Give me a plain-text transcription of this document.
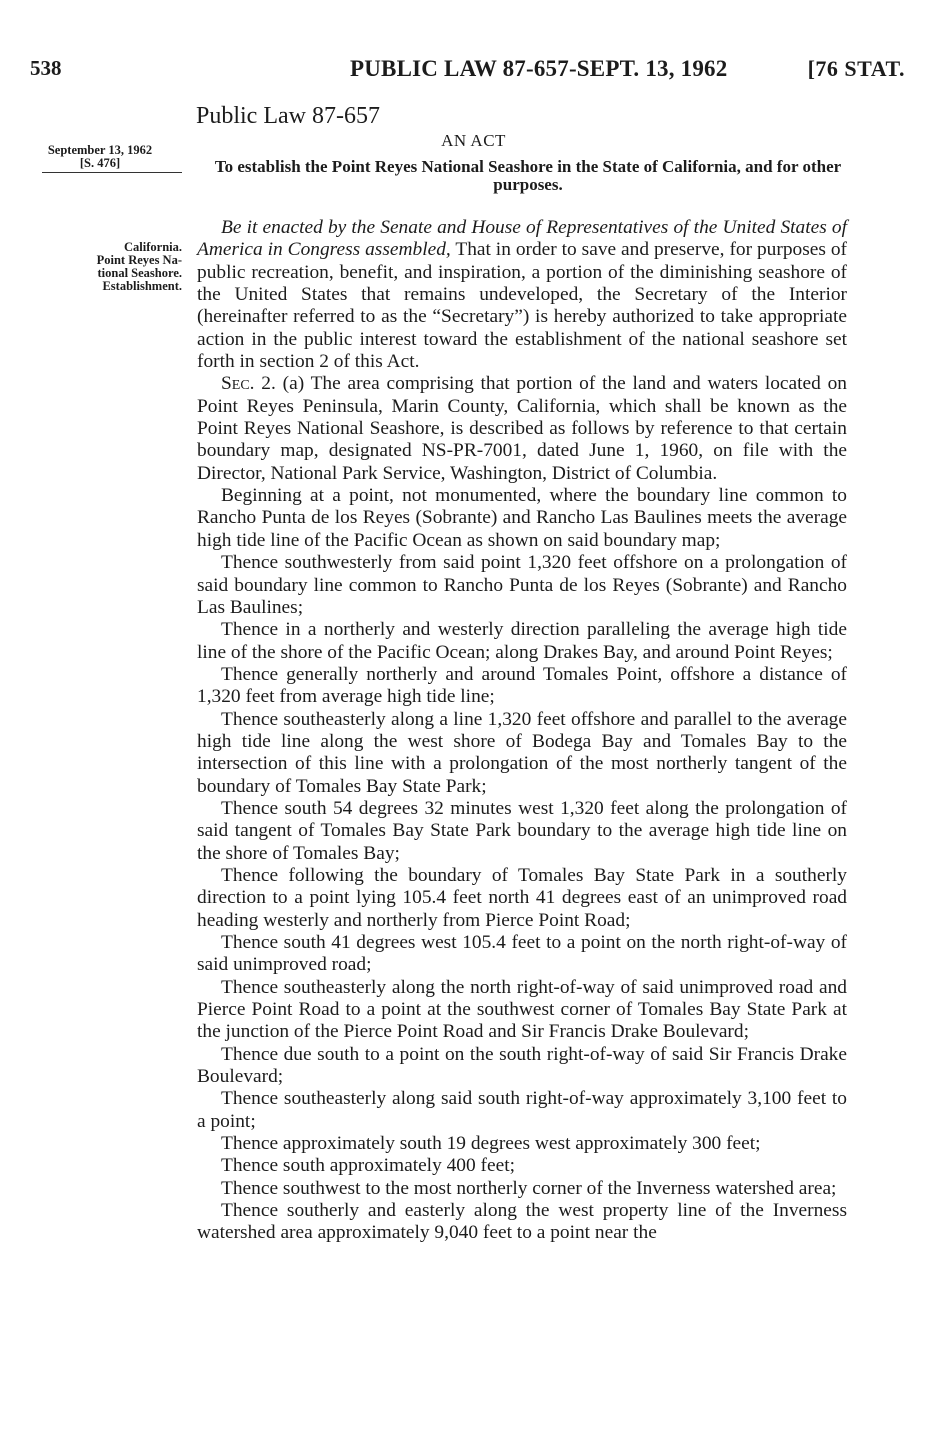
538	PUBLIC LAW 87-657-SEPT. 13, 1962	[76 STAT.
Public Law 87-657
AN ACT
To establish the Point Reyes National Seashore in the State of California, and for other purposes.
September 13, 1962
[S. 476]
California.
Point Reyes Na-
tional Seashore.
Establishment.

Be it enacted by the Senate and House of Representatives of the United States of America in Congress assembled, That in order to save and preserve, for purposes of public recreation, benefit, and inspiration, a portion of the diminishing seashore of the United States that remains undeveloped, the Secretary of the Interior (hereinafter referred to as the “Secretary”) is hereby authorized to take appropriate action in the public interest toward the establishment of the national seashore set forth in section 2 of this Act.

Sec. 2. (a) The area comprising that portion of the land and waters located on Point Reyes Peninsula, Marin County, California, which shall be known as the Point Reyes National Seashore, is described as follows by reference to that certain boundary map, designated NS-PR-7001, dated June 1, 1960, on file with the Director, National Park Service, Washington, District of Columbia.

Beginning at a point, not monumented, where the boundary line common to Rancho Punta de los Reyes (Sobrante) and Rancho Las Baulines meets the average high tide line of the Pacific Ocean as shown on said boundary map;

Thence southwesterly from said point 1,320 feet offshore on a prolongation of said boundary line common to Rancho Punta de los Reyes (Sobrante) and Rancho Las Baulines;

Thence in a northerly and westerly direction paralleling the average high tide line of the shore of the Pacific Ocean; along Drakes Bay, and around Point Reyes;

Thence generally northerly and around Tomales Point, offshore a distance of 1,320 feet from average high tide line;

Thence southeasterly along a line 1,320 feet offshore and parallel to the average high tide line along the west shore of Bodega Bay and Tomales Bay to the intersection of this line with a prolongation of the most northerly tangent of the boundary of Tomales Bay State Park;

Thence south 54 degrees 32 minutes west 1,320 feet along the prolongation of said tangent of Tomales Bay State Park boundary to the average high tide line on the shore of Tomales Bay;

Thence following the boundary of Tomales Bay State Park in a southerly direction to a point lying 105.4 feet north 41 degrees east of an unimproved road heading westerly and northerly from Pierce Point Road;

Thence south 41 degrees west 105.4 feet to a point on the north right-of-way of said unimproved road;

Thence southeasterly along the north right-of-way of said unimproved road and Pierce Point Road to a point at the southwest corner of Tomales Bay State Park at the junction of the Pierce Point Road and Sir Francis Drake Boulevard;

Thence due south to a point on the south right-of-way of said Sir Francis Drake Boulevard;

Thence southeasterly along said south right-of-way approximately 3,100 feet to a point;

Thence approximately south 19 degrees west approximately 300 feet;

Thence south approximately 400 feet;

Thence southwest to the most northerly corner of the Inverness watershed area;

Thence southerly and easterly along the west property line of the Inverness watershed area approximately 9,040 feet to a point near the
